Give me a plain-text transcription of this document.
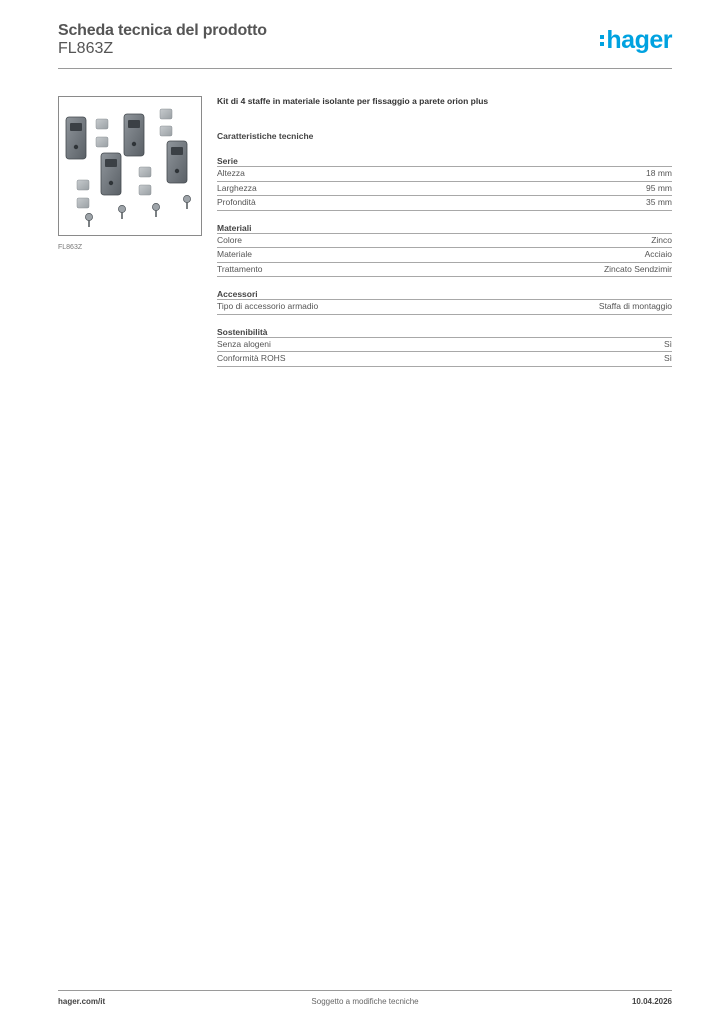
Scheda tecnica del prodotto
FL863Z	hager
FL863Z
Kit di 4 staffe in materiale isolante per fissaggio a parete orion plus
Caratteristiche tecniche
Serie
Altezza	18 mm
Larghezza	95 mm
Profondità	35 mm
Materiali
Colore	Zinco
Materiale	Acciaio
Trattamento	Zincato Sendzimir
Accessori
Tipo di accessorio armadio	Staffa di montaggio
Sostenibilità
Senza alogeni	Sì
Conformità ROHS	Sì
hager.com/it	Soggetto a modifiche tecniche	10.04.2026
